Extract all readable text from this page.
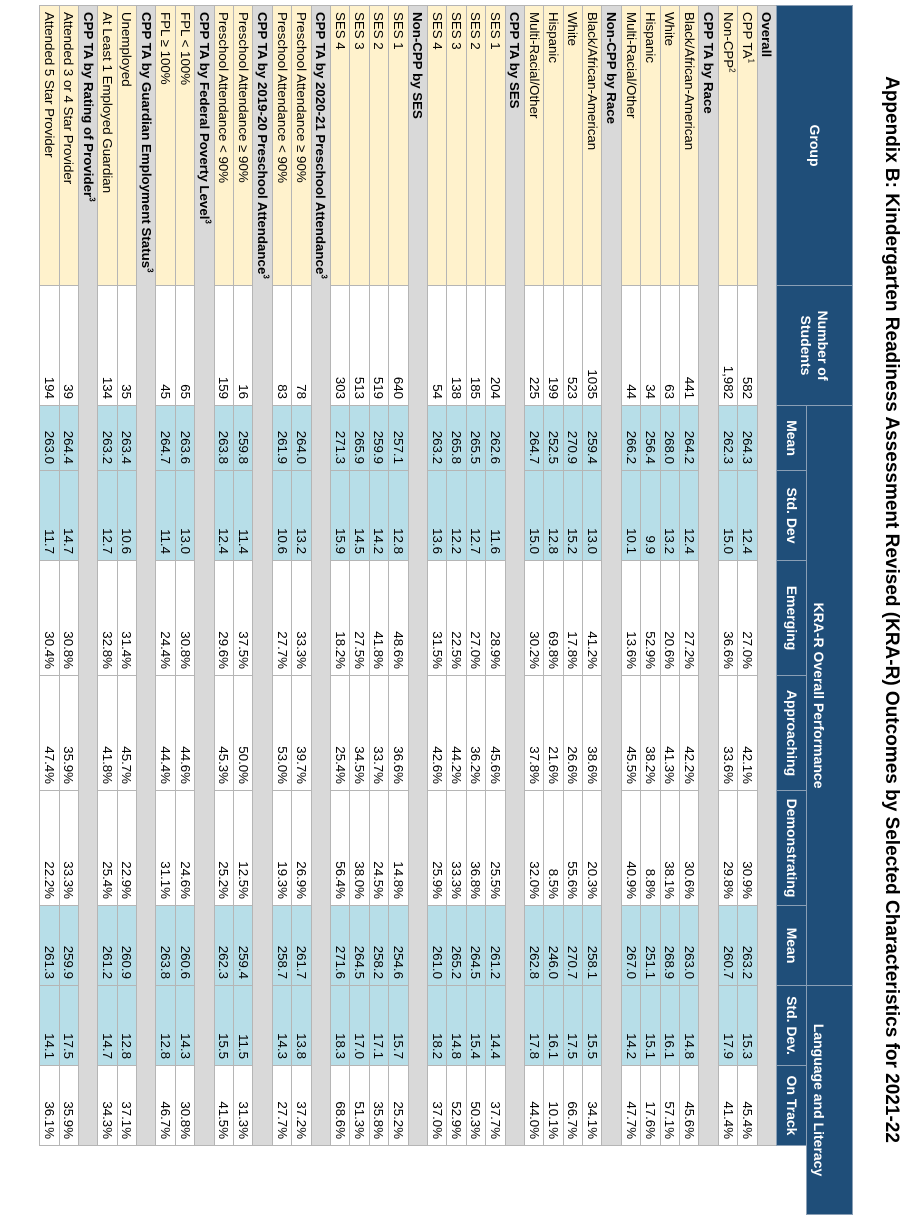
Appendix B: Kindergarten Readiness Assessment Revised (KRA-R) Outcomes by Selected Characteristics for 2021-22
Group	Number of Students	KRA-R Overall Performance						Language and Literacy	
		Mean	Std. Dev	Emerging	Approaching	Demonstrating	Mean	Std. Dev.	On Track
Overall									
CPP $TA^1$	582	264.3	12.4	27.0%	42.1%	30.9%	263.2	15.3	45.4%
Non-CPP$^2$	1,982	262.3	15.0	36.6%	33.6%	29.8%	260.7	17.9	41.4%
CPP TA by Race									
Black/African-American	441	264.2	12.4	27.2%	42.2%	30.6%	263.0	14.8	45.6%
White	63	268.0	13.2	20.6%	41.3%	38.1%	268.9	16.1	57.1%
Hispanic	34	256.4	9.9	52.9%	38.2%	8.8%	251.1	15.1	17.6%
Multi-Racial/Other	44	266.2	10.1	13.6%	45.5%	40.9%	267.0	14.2	47.7%
Non-CPP by Race									
Black/African-American	1035	259.4	13.0	41.2%	38.6%	20.3%	258.1	15.5	34.1%
White	523	270.9	15.2	17.8%	26.6%	55.6%	270.7	17.5	66.7%
Hispanic	199	252.5	12.8	69.8%	21.6%	8.5%	246.0	16.1	10.1%
Multi-Racial/Other	225	264.7	15.0	30.2%	37.8%	32.0%	262.8	17.8	44.0%
CPP TA by SES									
SES 1	204	262.6	11.6	28.9%	45.6%	25.5%	261.2	14.4	37.7%
SES 2	185	265.5	12.7	27.0%	36.2%	36.8%	264.5	15.4	50.3%
SES 3	138	265.8	12.2	22.5%	44.2%	33.3%	265.2	14.8	52.9%
SES 4	54	263.2	13.6	31.5%	42.6%	25.9%	261.0	18.2	37.0%
Non-CPP by SES									
SES 1	640	257.1	12.8	48.6%	36.6%	14.8%	254.6	15.7	25.2%
SES 2	519	259.9	14.2	41.8%	33.7%	24.5%	258.2	17.1	35.8%
SES 3	513	265.9	14.5	27.5%	34.5%	38.0%	264.5	17.0	51.3%
SES 4	303	271.3	15.9	18.2%	25.4%	56.4%	271.6	18.3	68.6%
CPP TA by 2020-21 Preschool Attendance$^3$
Preschool Attendance ≥ 90%	78	264.0	13.2	33.3%	39.7%	26.9%	261.7	13.8	37.2%
Preschool Attendance < 90%	83	261.9	10.6	27.7%	53.0%	19.3%	258.7	14.3	27.7%
CPP TA by 2019-20 Preschool Attendance$^3$
Preschool Attendance ≥ 90%	16	259.8	11.4	37.5%	50.0%	12.5%	259.4	11.5	31.3%
Preschool Attendance < 90%	159	263.8	12.4	29.6%	45.3%	25.2%	262.3	15.5	41.5%
CPP TA by Federal Poverty Level$^3$
FPL < 100%	65	263.6	13.0	30.8%	44.6%	24.6%	260.6	14.3	30.8%
FPL ≥ 100%	45	264.7	11.4	24.4%	44.4%	31.1%	263.8	12.8	46.7%
CPP TA by Guardian Employment Status$^3$
Unemployed	35	263.4	10.6	31.4%	45.7%	22.9%	260.9	12.8	37.1%
At Least 1 Employed Guardian	134	263.2	12.7	32.8%	41.8%	25.4%	261.2	14.7	34.3%
CPP TA by Rating of Provider$^3$
Attended 3 or 4 Star Provider	39	264.4	14.7	30.8%	35.9%	33.3%	259.9	17.5	35.9%
Attended 5 Star Provider	194	263.0	11.7	30.4%	47.4%	22.2%	261.3	14.1	36.1%
